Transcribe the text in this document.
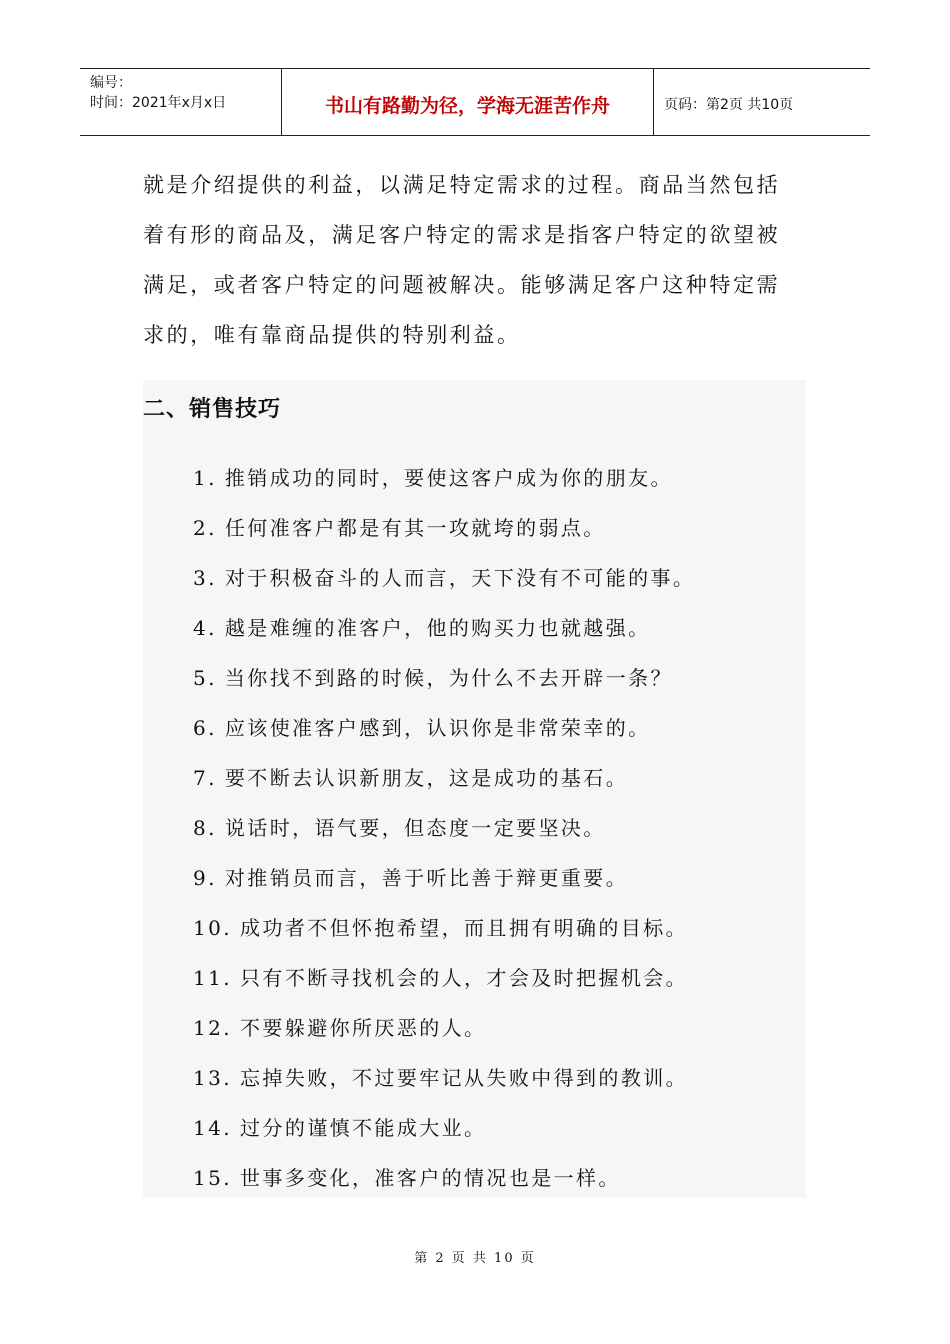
编号：
时间：2021年x月x日	书山有路勤为径，学海无涯苦作舟	页码：第2页 共10页

就是介绍提供的利益，以满足特定需求的过程。商品当然包括

着有形的商品及，满足客户特定的需求是指客户特定的欲望被

满足，或者客户特定的问题被解决。能够满足客户这种特定需

求的，唯有靠商品提供的特别利益。

二、销售技巧
1. 推销成功的同时，要使这客户成为你的朋友。
2. 任何准客户都是有其一攻就垮的弱点。
3. 对于积极奋斗的人而言，天下没有不可能的事。
4. 越是难缠的准客户，他的购买力也就越强。
5. 当你找不到路的时候，为什么不去开辟一条？
6. 应该使准客户感到，认识你是非常荣幸的。
7. 要不断去认识新朋友，这是成功的基石。
8. 说话时，语气要，但态度一定要坚决。
9. 对推销员而言，善于听比善于辩更重要。
10. 成功者不但怀抱希望，而且拥有明确的目标。
11. 只有不断寻找机会的人，才会及时把握机会。
12. 不要躲避你所厌恶的人。
13. 忘掉失败，不过要牢记从失败中得到的教训。
14. 过分的谨慎不能成大业。
15. 世事多变化，准客户的情况也是一样。
第 2 页 共 10 页
